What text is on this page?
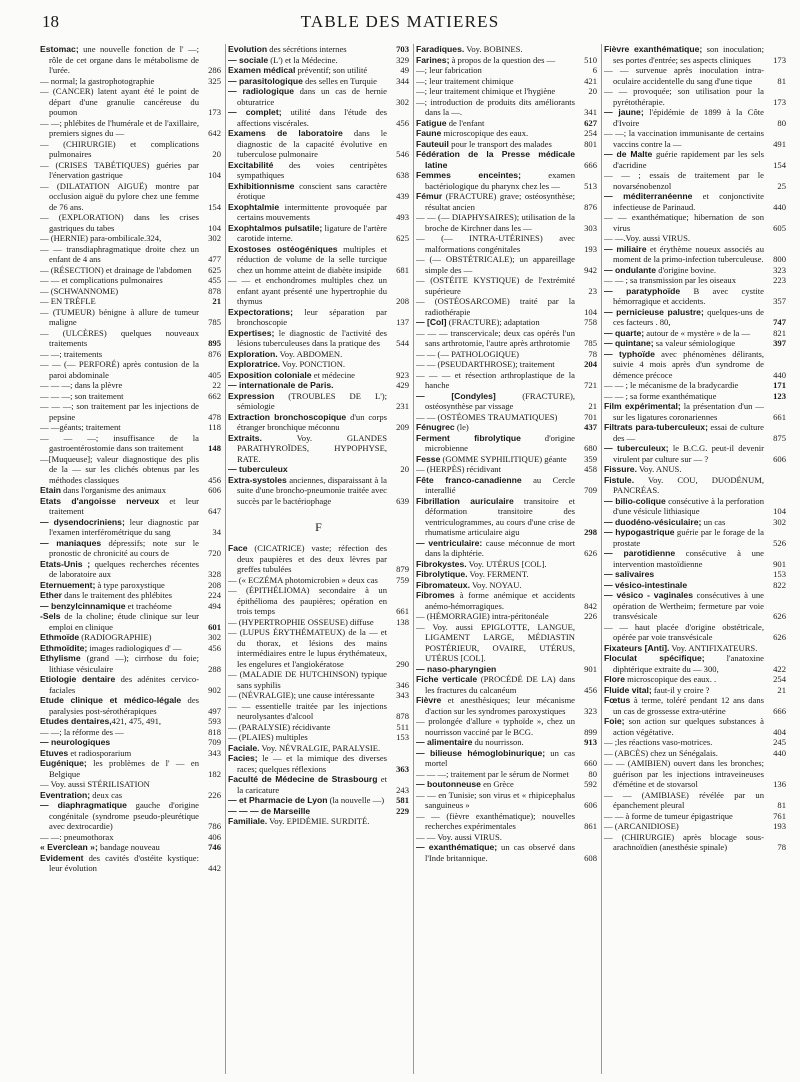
18	TABLE DES MATIERES
Estomac; une nouvelle fonction de l' —; rôle de cet organe dans le métabolisme de l'urée.	286
— normal; la gastrophotographie	325
— (CANCER) latent ayant été le point de départ d'une granulie cancéreuse du poumon	173
— —; phlébites de l'humérale et de l'axillaire, premiers signes du —	642
— (CHIRURGIE) et complications pulmonaires	20
— (CRISES TABÉTIQUES) guéries par l'énervation gastrique	104
— (DILATATION AIGUË) montre par occlusion aiguë du pylore chez une femme de 76 ans.	154
— (EXPLORATION) dans les crises gastriques du tabes	104
— (HERNIE) para-ombilicale.324,	302
— — transdiaphragmatique droite chez un enfant de 4 ans	477
— (RÉSECTION) et drainage de l'abdomen	625
— — et complications pulmonaires	455
— (SCHWANNOME)	878
— EN TRÈFLE	21
— (TUMEUR) bénigne à allure de tumeur maligne	785
— (ULCÈRES) quelques nouveaux traitements	895
— —; traitements	876
— — (— PERFORÉ) après contusion de la paroi abdominale	405
— — —; dans la plèvre	22
— — —; son traitement	662
— — —; son traitement par les injections de pepsine	478
— —géants; traitement	118
— — —; insuffisance de la gastroentérostomie dans son traitement	148
—[Muqueuse]; valeur diagnostique des plis de la — sur les clichés obtenus par les méthodes classiques	456
Etain dans l'organisme des animaux	606
Etats d'angoisse nerveux et leur traitement	647
— dysendocriniens; leur diagnostic par l'examen interférométrique du sang	34
— maniaques dépressifs; note sur le pronostic de chronicité au cours de	720
Etats-Unis ; quelques recherches récentes de laboratoire aux	328
Eternuement; à type paroxystique	208
Ether dans le traitement des phlébites	224
— benzylcinnamique et trachéome	494
-Sels de la choline; étude clinique sur leur emploi en clinique	601
Ethmoïde (RADIOGRAPHIE)	302
Ethmoïdite; images radiologiques d' —	456
Ethylisme (grand —); cirrhose du foie; lithiase vésiculaire	288
Etiologie dentaire des adénites cervico-faciales	902
Etude clinique et médico-légale des paralysies post-sérothérapiques	497
Etudes dentaires,421, 475, 491,	593
— —; la réforme des —	818
— neurologiques	709
Etuves et radiosporarium	343
Eugénique; les problèmes de l' — en Belgique	182
— Voy. aussi STÉRILISATION
Eventration; deux cas	226
— diaphragmatique gauche d'origine congénitale (syndrome pseudo-pleurétique avec dextrocardie)	786
— —: pneumothorax	406
« Everclean »; bandage nouveau	746
Evidement des cavités d'ostéite kystique: leur évolution	442
Evolution des sécrétions internes	703
— sociale (L') et la Médecine.	329
Examen médical préventif; son utilité	49
— parasitologique des selles en Turquie	344
— radiologique dans un cas de hernie obturatrice	302
— complet; utilité dans l'étude des affections viscérales.	456
Examens de laboratoire dans le diagnostic de la capacité évolutive en tuberculose pulmonaire	546
Excitabilité des voies centripètes sympathiques	638
Exhibitionnisme conscient sans caractère érotique	439
Exophtalmie intermittente provoquée par certains mouvements	493
Exophtalmos pulsatile; ligature de l'artère carotide interne.	625
Exostoses ostéogéniques multiples et réduction de volume de la selle turcique chez un homme atteint de diabète insipide	681
— — et enchondromes multiples chez un enfant ayant présenté une hypertrophie du thymus	208
Expectorations; leur séparation par bronchoscopie	137
Expertises; le diagnostic de l'activité des lésions tuberculeuses dans la pratique des	544
Exploration. Voy. ABDOMEN.
Exploratrice. Voy. PONCTION.
Exposition coloniale et médecine	923
— internationale de Paris.	429
Expression (TROUBLES DE L'); sémiologie	231
Extraction bronchoscopique d'un corps étranger bronchique méconnu	209
Extraits. Voy. GLANDES PARATHYROÏDES, HYPOPHYSE, RATE.
— tuberculeux	20
Extra-systoles anciennes, disparaissant à la suite d'une broncho-pneumonie traitée avec succès par le bactériophage	639
F
Face (CICATRICE) vaste; réfection des deux paupières et des deux lèvres par greffes tubulées	879
— (« ECZÉMA photomicrobien » deux cas	759
— (ÉPITHÉLIOMA) secondaire à un épithélioma des paupières; opération en trois temps	661
— (HYPERTROPHIE OSSEUSE) diffuse	138
— (LUPUS ÉRYTHÉMATEUX) de la — et du thorax, et lésions des mains intermédiaires entre le lupus érythémateux, les engelures et l'angiokératose	290
— (MALADIE DE HUTCHINSON) typique sans syphilis	346
— (NÉVRALGIE); une cause intéressante	343
— — essentielle traitée par les injections neurolysantes d'alcool	878
— (PARALYSIE) récidivante	511
— (PLAIES) multiples	153
Faciale. Voy. NÉVRALGIE, PARALYSIE.
Facies; le — et la mimique des diverses races; quelques réflexions	363
Faculté de Médecine de Strasbourg et la caricature	243
— et Pharmacie de Lyon (la nouvelle —)	581
— — — de Marseille	229
Familiale. Voy. EPIDÉMIE. SURDITÉ.
Faradiques. Voy. BOBINES.
Farines; à propos de la question des —	510
—; leur fabrication	6
—; leur traitement chimique	421
—; leur traitement chimique et l'hygiène	20
—; introduction de produits dits améliorants dans la —.	341
Fatigue de l'enfant	627
Faune microscopique des eaux.	254
Fauteuil pour le transport des malades	801
Fédération de la Presse médicale latine	666
Femmes enceintes; examen bactériologique du pharynx chez les —	513
Fémur (FRACTURE) grave; ostéosynthèse; résultat ancien	876
— — (— DIAPHYSAIRES); utilisation de la broche de Kirchner dans les —	303
— (— INTRA-UTÉRINES) avec malformations congénitales	193
— (— OBSTÉTRICALE); un appareillage simple des —	942
— (OSTÉITE KYSTIQUE) de l'extrémité supérieure	23
— (OSTÉOSARCOME) traité par la radiothérapie	104
— [Col] (FRACTURE); adaptation	758
— — — transcervicale; deux cas opérés l'un sans arthrotomie, l'autre après arthrotomie	785
— — (— PATHOLOGIQUE)	78
— — (PSEUDARTHROSE); traitement	204
— — — et résection arthroplastique de la hanche	721
— [Condyles] (FRACTURE), ostéosynthèse par vissage	21
— — (OSTÉOMES TRAUMATIQUES)	701
Fénugrec (le)	437
Ferment fibrolytique d'origine microbienne	680
Fesse (GOMME SYPHILITIQUE) géante	359
— (HERPÈS) récidivant	458
Fête franco-canadienne au Cercle interallié	709
Fibrillation auriculaire transitoire et déformation transitoire des ventriculogrammes, au cours d'une crise de rhumatisme articulaire aigu	298
— ventriculaire: cause méconnue de mort dans la diphtérie.	626
Fibrokystes. Voy. UTÉRUS [COL].
Fibrolytique. Voy. FERMENT.
Fibromateux. Voy. NOYAU.
Fibromes à forme anémique et accidents anémo-hémorragiques.	842
— (HÉMORRAGIE) intra-péritonéale	226
— Voy. aussi EPIGLOTTE, LANGUE, LIGAMENT LARGE, MÉDIASTIN POSTÉRIEUR, OVAIRE, UTÉRUS, UTÉRUS [COL].
— naso-pharyngien	901
Fiche verticale (PROCÉDÉ DE LA) dans les fractures du calcanéum	456
Fièvre et anesthésiques; leur mécanisme d'action sur les syndromes paroxystiques	323
— prolongée d'allure « typhoïde », chez un nourrisson vacciné par le BCG.	899
— alimentaire du nourrisson.	913
— bilieuse hémoglobinurique; un cas mortel	660
— — —; traitement par le sérum de Normet	80
— boutonneuse en Grèce	592
— — en Tunisie; son virus et « rhipicephalus sanguineus »	606
— — (fièvre exanthématique); nouvelles recherches expérimentales	861
— — Voy. aussi VIRUS.
— exanthématique; un cas observé dans l'Inde britannique.	608
Fièvre exanthématique; son inoculation; ses portes d'entrée; ses aspects cliniques	173
— — survenue après inoculation intra-oculaire accidentelle du sang d'une tique	81
— — provoquée; son utilisation pour la pyrétothérapie.	173
— jaune; l'épidémie de 1899 à la Côte d'Ivoire	80
— —; la vaccination immunisante de certains vaccins contre la —	491
— de Malte guérie rapidement par les sels d'acridine	154
— — ; essais de traitement par le novarsénobenzol	25
— méditerranéenne et conjonctivite infectieuse de Parinaud.	440
— — exanthématique; hibernation de son virus	605
— —.Voy. aussi VIRUS.
— miliaire et érythème noueux associés au moment de la primo-infection tuberculeuse.	800
— ondulante d'origine bovine.	323
— — ; sa transmission par les oiseaux	223
— paratyphoïde B avec cystite hémorragique et accidents.	357
— pernicieuse palustre; quelques-uns de ces facteurs . 80,	747
— quarte; autour de « mystère » de la —	821
— quintane; sa valeur sémiologique	397
— typhoïde avec phénomènes délirants, suivie 4 mois après d'un syndrome de démence précoce	440
— — ; le mécanisme de la bradycardie	171
— — ; sa forme exanthématique	123
Film expérimental; la présentation d'un — sur les ligatures coronariennes	661
Filtrats para-tuberculeux; essai de culture des —	875
— tuberculeux; le B.C.G. peut-il devenir virulent par culture sur — ?	606
Fissure. Voy. ANUS.
Fistule. Voy. COU, DUODÉNUM, PANCRÉAS.
— bilio-colique consécutive à la perforation d'une vésicule lithiasique	104
— duodéno-vésiculaire; un cas	302
— hypogastrique guérie par le forage de la prostate	526
— parotidienne consécutive à une intervention mastoïdienne	901
— salivaires	153
— vésico-intestinale	822
— vésico - vaginales consécutives à une opération de Wertheim; fermeture par voie transvésicale	626
— — haut placée d'origine obstétricale, opérée par voie transvésicale	626
Fixateurs [Anti]. Voy. ANTIFIXATEURS.
Floculat spécifique; l'anatoxine diphtérique extraite du — 300,	422
Flore microscopique des eaux. .	254
Fluide vital; faut-il y croire ?	21
Fœtus à terme, toléré pendant 12 ans dans un cas de grossesse extra-utérine	666
Foie; son action sur quelques substances à action végétative.	404
— ;les réactions vaso-motrices.	245
— (ABCÈS) chez un Sénégalais.	440
— — (AMIBIEN) ouvert dans les bronches; guérison par les injections intraveineuses d'émétine et de stovarsol	136
— — (AMIBIASE) révélée par un épanchement pleural	81
— — à forme de tumeur épigastrique	761
— (ARCANIDIOSE)	193
— (CHIRURGIE) après blocage sous-arachnoïdien (anesthésie spinale)	78
